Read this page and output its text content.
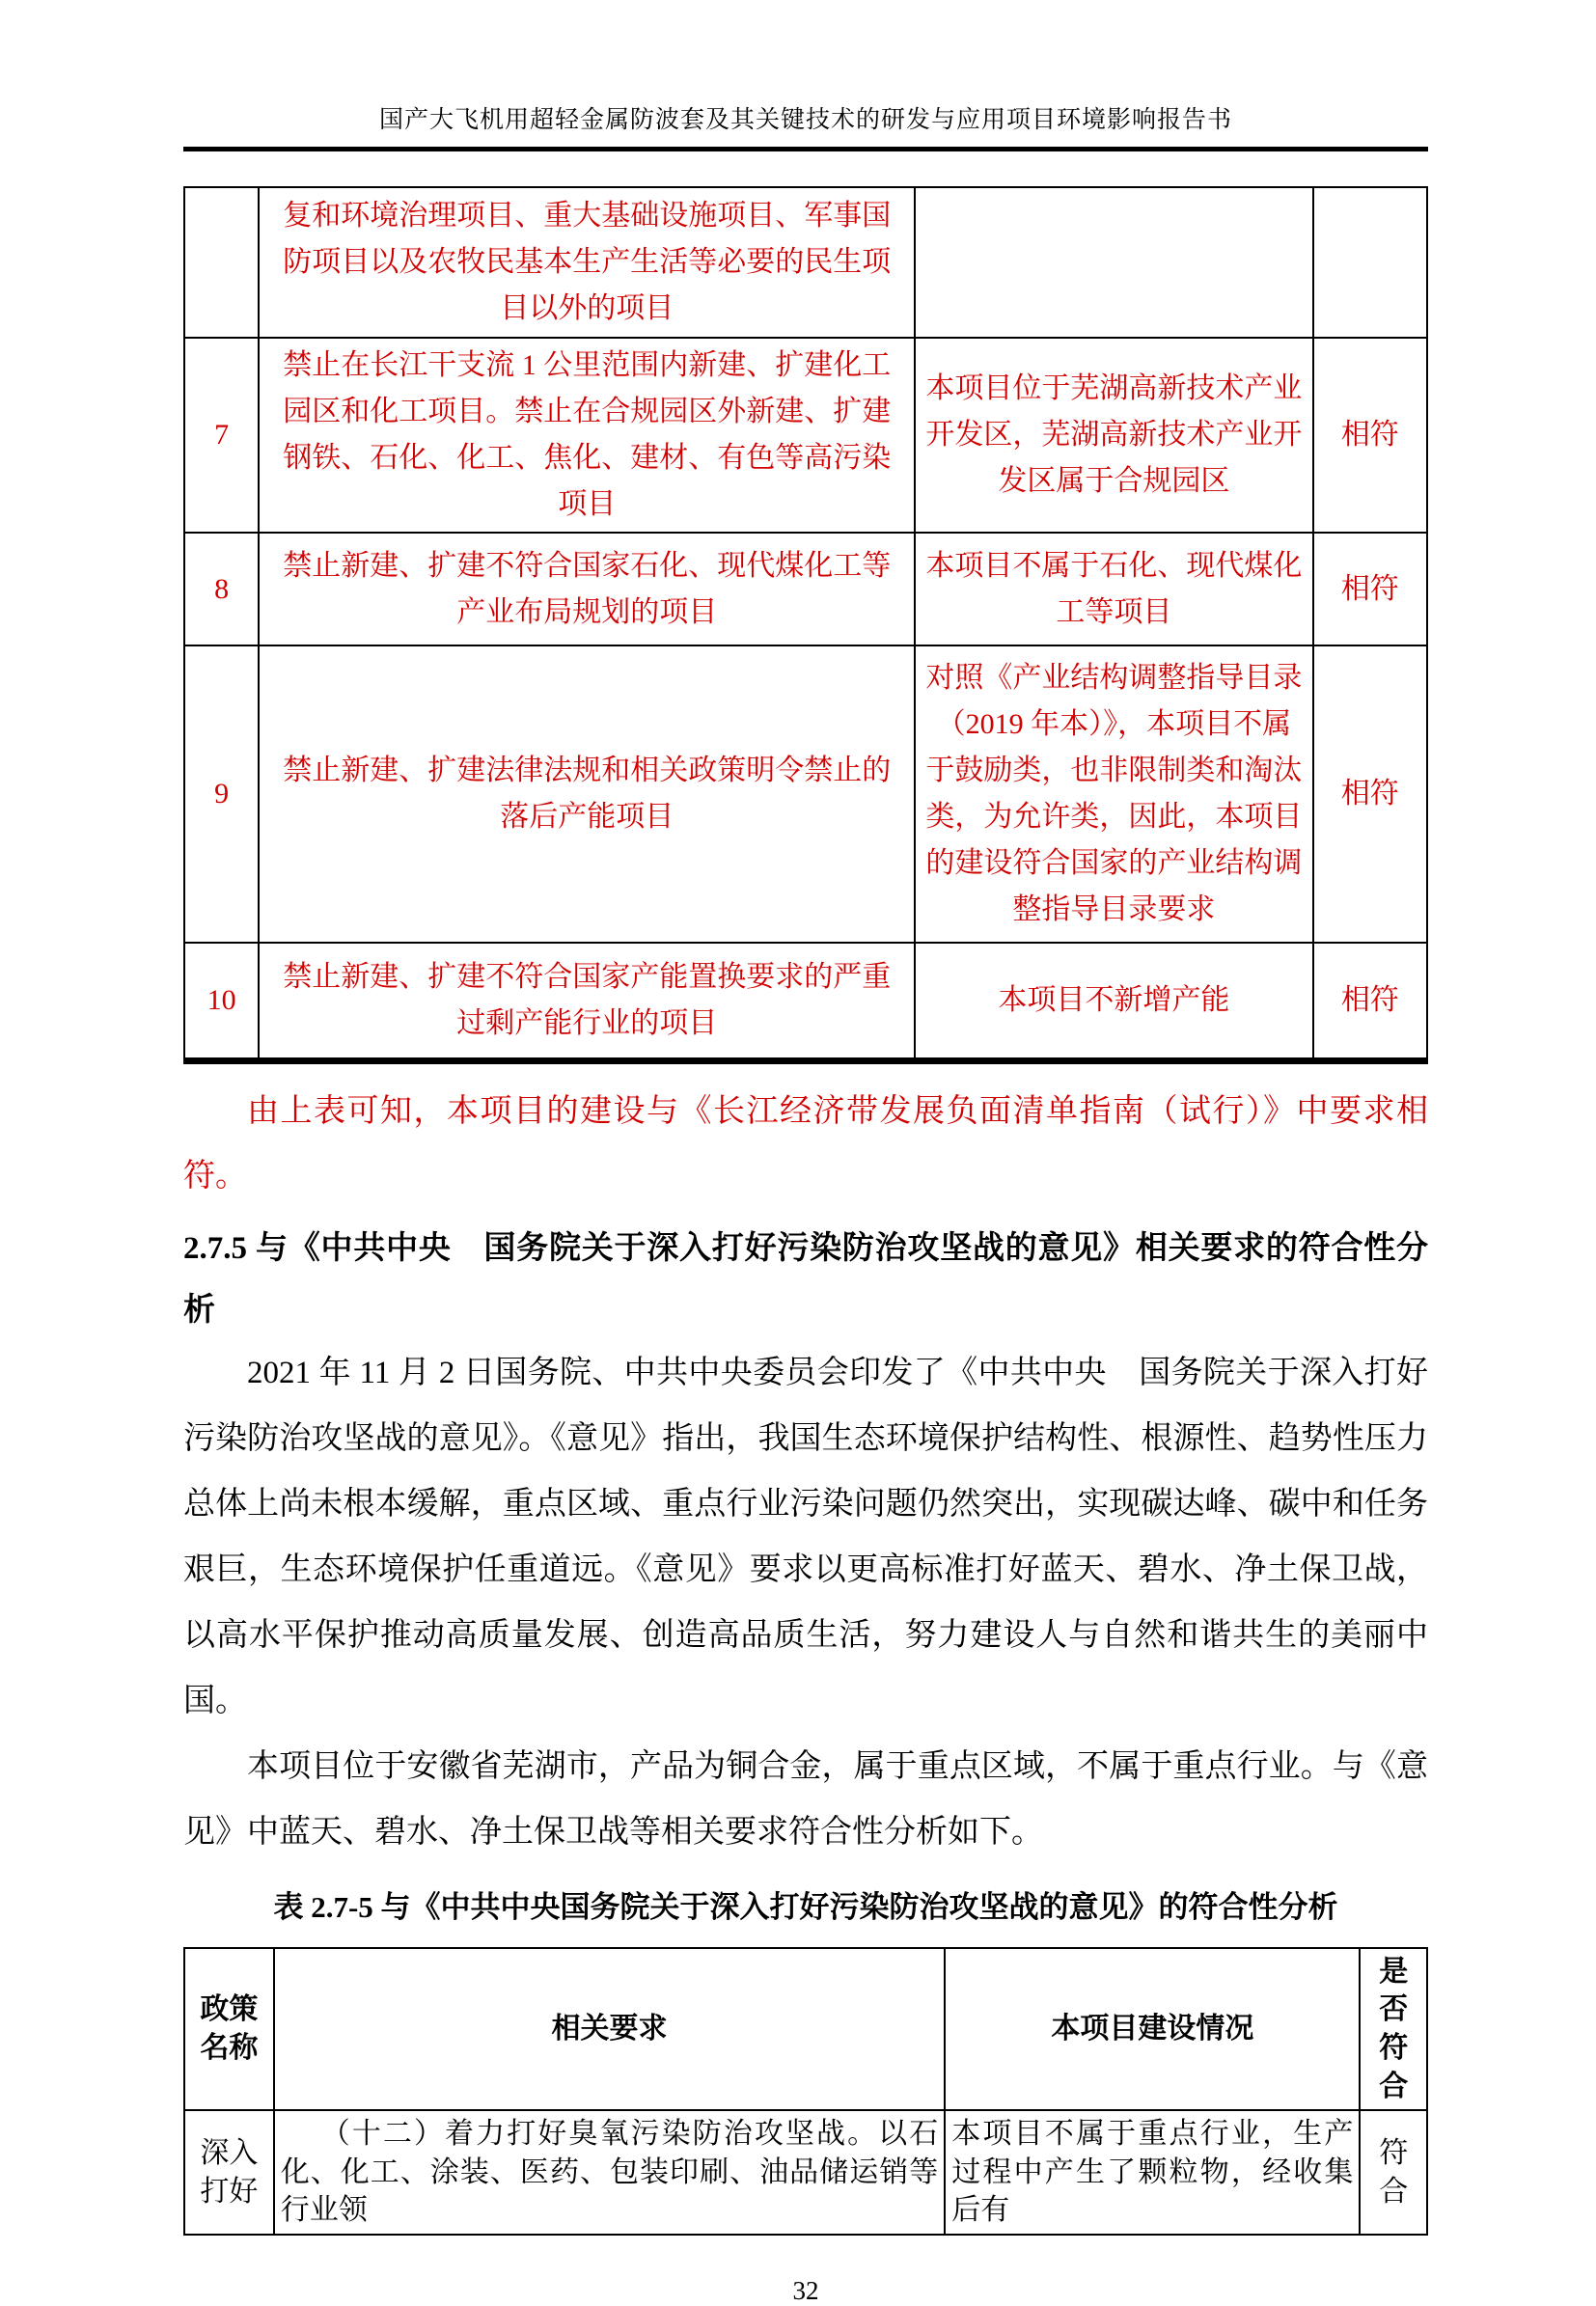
国产大飞机用超轻金属防波套及其关键技术的研发与应用项目环境影响报告书
	复和环境治理项目、重大基础设施项目、军事国防项目以及农牧民基本生产生活等必要的民生项目以外的项目		
7	禁止在长江干支流 1 公里范围内新建、扩建化工园区和化工项目。禁止在合规园区外新建、扩建钢铁、石化、化工、焦化、建材、有色等高污染项目	本项目位于芜湖高新技术产业开发区，芜湖高新技术产业开发区属于合规园区	相符
8	禁止新建、扩建不符合国家石化、现代煤化工等产业布局规划的项目	本项目不属于石化、现代煤化工等项目	相符
9	禁止新建、扩建法律法规和相关政策明令禁止的落后产能项目	对照《产业结构调整指导目录（2019 年本）》，本项目不属于鼓励类，也非限制类和淘汰类，为允许类，因此，本项目的建设符合国家的产业结构调整指导目录要求	相符
10	禁止新建、扩建不符合国家产能置换要求的严重过剩产能行业的项目	本项目不新增产能	相符

由上表可知，本项目的建设与《长江经济带发展负面清单指南（试行）》中要求相符。

2.7.5 与《中共中央　国务院关于深入打好污染防治攻坚战的意见》相关要求的符合性分析

2021 年 11 月 2 日国务院、中共中央委员会印发了《中共中央　国务院关于深入打好污染防治攻坚战的意见》。《意见》指出，我国生态环境保护结构性、根源性、趋势性压力总体上尚未根本缓解，重点区域、重点行业污染问题仍然突出，实现碳达峰、碳中和任务艰巨，生态环境保护任重道远。《意见》要求以更高标准打好蓝天、碧水、净土保卫战，以高水平保护推动高质量发展、创造高品质生活，努力建设人与自然和谐共生的美丽中国。

本项目位于安徽省芜湖市，产品为铜合金，属于重点区域，不属于重点行业。与《意见》中蓝天、碧水、净土保卫战等相关要求符合性分析如下。

表 2.7-5 与《中共中央国务院关于深入打好污染防治攻坚战的意见》的符合性分析
政策名称	相关要求	本项目建设情况	是否符合
深入打好	（十二）着力打好臭氧污染防治攻坚战。以石化、化工、涂装、医药、包装印刷、油品储运销等行业领	本项目不属于重点行业，生产过程中产生了颗粒物，经收集后有	符合
32
